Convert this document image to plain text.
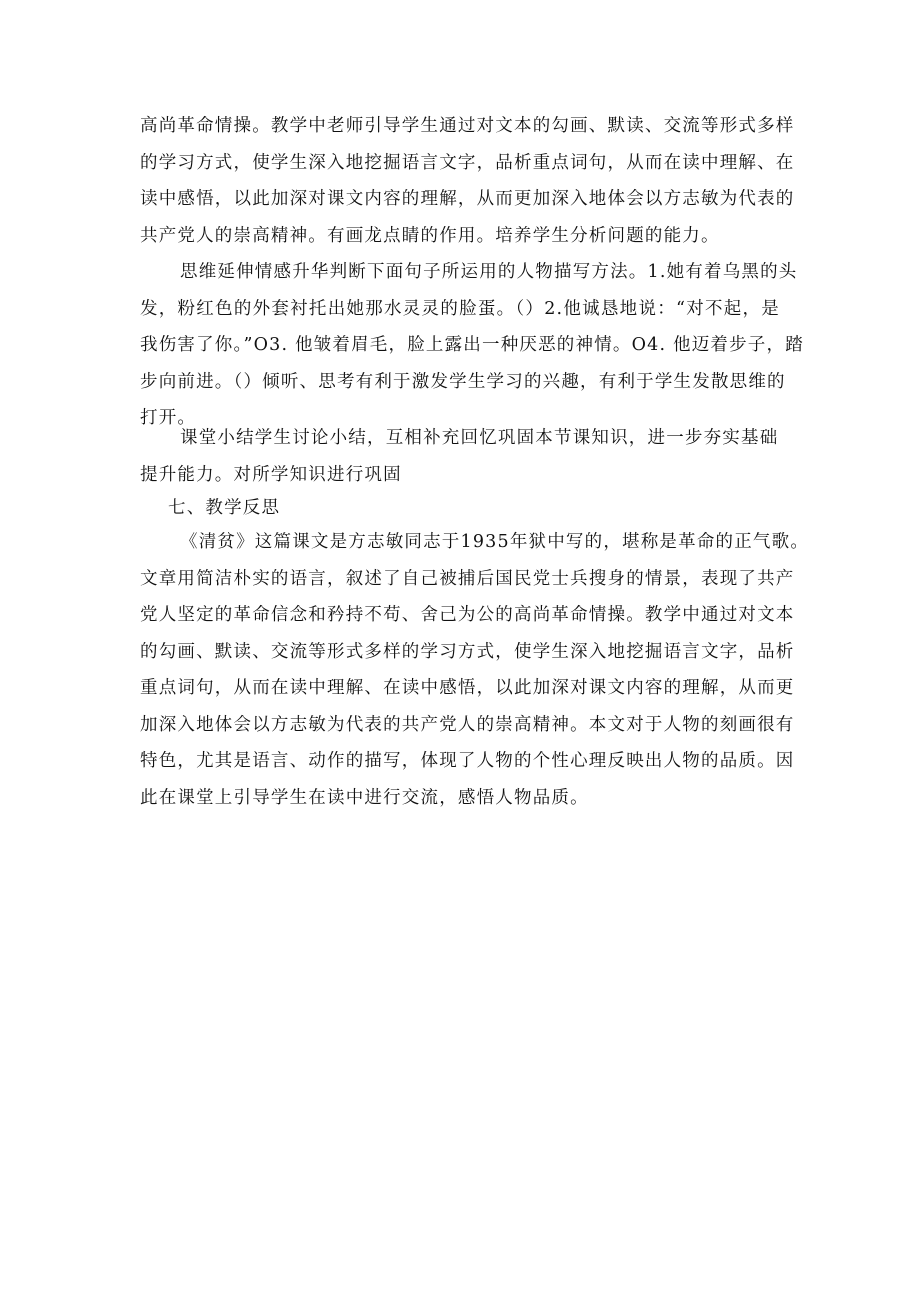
高尚革命情操。教学中老师引导学生通过对文本的勾画、默读、交流等形式多样
的学习方式，使学生深入地挖掘语言文字，品析重点词句，从而在读中理解、在
读中感悟，以此加深对课文内容的理解，从而更加深入地体会以方志敏为代表的
共产党人的崇高精神。有画龙点睛的作用。培养学生分析问题的能力。
思维延伸情感升华判断下面句子所运用的人物描写方法。1.她有着乌黑的头
发，粉红色的外套衬托出她那水灵灵的脸蛋。（）2.他诚恳地说：“对不起，是
我伤害了你。”O3. 他皱着眉毛，脸上露出一种厌恶的神情。O4. 他迈着步子，踏
步向前进。（）倾听、思考有利于激发学生学习的兴趣，有利于学生发散思维的
打开。
课堂小结学生讨论小结，互相补充回忆巩固本节课知识，进一步夯实基础
提升能力。对所学知识进行巩固
七、教学反思
《清贫》这篇课文是方志敏同志于1935年狱中写的，堪称是革命的正气歌。
文章用简洁朴实的语言，叙述了自己被捕后国民党士兵搜身的情景，表现了共产
党人坚定的革命信念和矜持不苟、舍己为公的高尚革命情操。教学中通过对文本
的勾画、默读、交流等形式多样的学习方式，使学生深入地挖掘语言文字，品析
重点词句，从而在读中理解、在读中感悟，以此加深对课文内容的理解，从而更
加深入地体会以方志敏为代表的共产党人的崇高精神。本文对于人物的刻画很有
特色，尤其是语言、动作的描写，体现了人物的个性心理反映出人物的品质。因
此在课堂上引导学生在读中进行交流，感悟人物品质。
